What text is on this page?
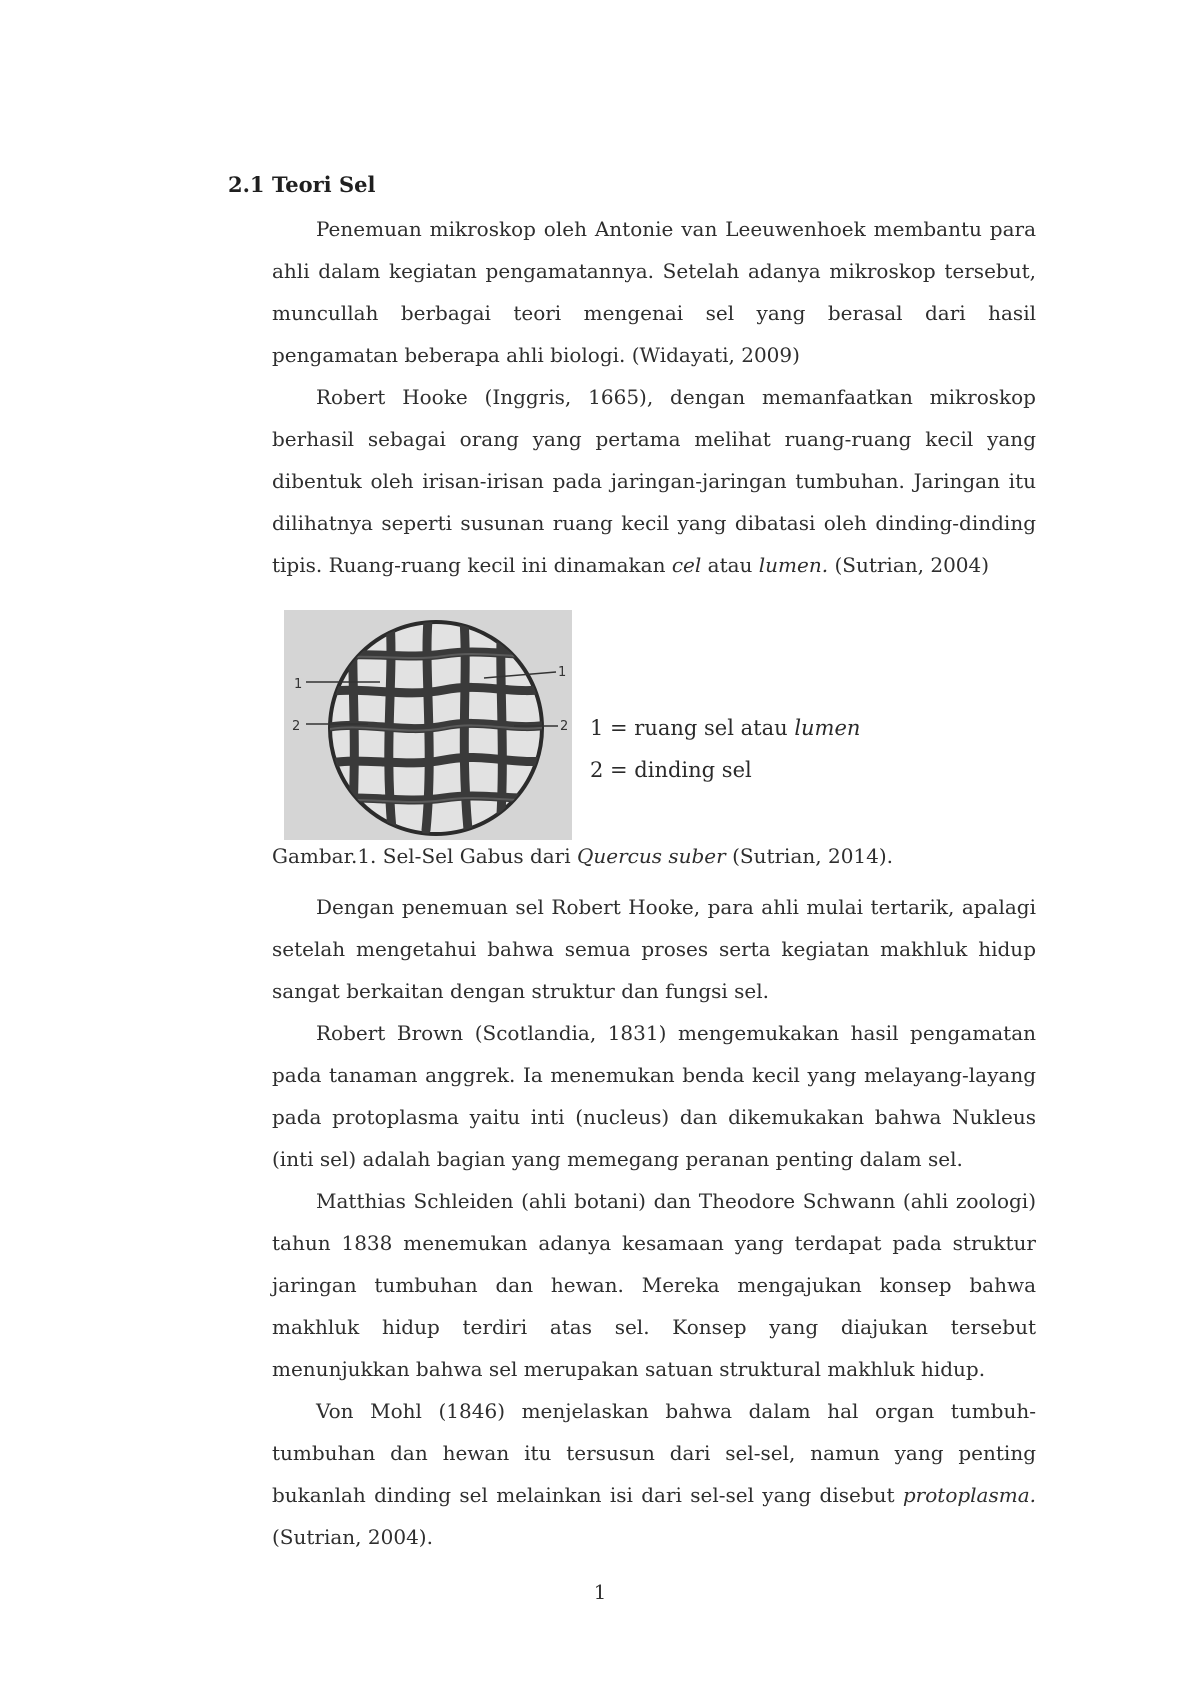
2.1 Teori Sel

Penemuan mikroskop oleh Antonie van Leeuwenhoek membantu para ahli dalam kegiatan pengamatannya. Setelah adanya mikroskop tersebut, muncullah berbagai teori mengenai sel yang berasal dari hasil pengamatan beberapa ahli biologi. (Widayati, 2009)

Robert Hooke (Inggris, 1665), dengan memanfaatkan mikroskop berhasil sebagai orang yang pertama melihat ruang-ruang kecil yang dibentuk oleh irisan-irisan pada jaringan-jaringan tumbuhan. Jaringan itu dilihatnya seperti susunan ruang kecil yang dibatasi oleh dinding-dinding tipis. Ruang-ruang kecil ini dinamakan cel atau lumen. (Sutrian, 2004)

1
2
1
2 1 = ruang sel atau lumen
2 = dinding sel
Gambar.1. Sel-Sel Gabus dari Quercus suber (Sutrian, 2014).

Dengan penemuan sel Robert Hooke, para ahli mulai tertarik, apalagi setelah mengetahui bahwa semua proses serta kegiatan makhluk hidup sangat berkaitan dengan struktur dan fungsi sel.

Robert Brown (Scotlandia, 1831) mengemukakan hasil pengamatan pada tanaman anggrek. Ia menemukan benda kecil yang melayang-layang pada protoplasma yaitu inti (nucleus) dan dikemukakan bahwa Nukleus (inti sel) adalah bagian yang memegang peranan penting dalam sel.

Matthias Schleiden (ahli botani) dan Theodore Schwann (ahli zoologi) tahun 1838 menemukan adanya kesamaan yang terdapat pada struktur jaringan tumbuhan dan hewan. Mereka mengajukan konsep bahwa makhluk hidup terdiri atas sel. Konsep yang diajukan tersebut menunjukkan bahwa sel merupakan satuan struktural makhluk hidup.

Von Mohl (1846) menjelaskan bahwa dalam hal organ tumbuh-tumbuhan dan hewan itu tersusun dari sel-sel, namun yang penting bukanlah dinding sel melainkan isi dari sel-sel yang disebut protoplasma. (Sutrian, 2004).

1
